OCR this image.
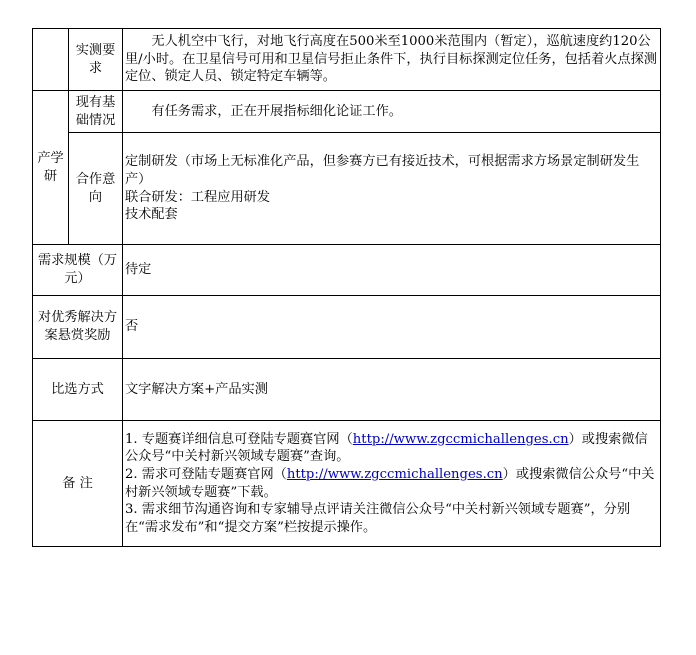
	实测要求	无人机空中飞行，对地飞行高度在500米至1000米范围内（暂定），巡航速度约120公里/小时。在卫星信号可用和卫星信号拒止条件下，执行目标探测定位任务，包括着火点探测定位、锁定人员、锁定特定车辆等。
产学研	现有基础情况	有任务需求，正在开展指标细化论证工作。
	合作意向	定制研发（市场上无标准化产品，但参赛方已有接近技术，可根据需求方场景定制研发生产）
联合研发：工程应用研发
技术配套

需求规模（万元）		待定
对优秀解决方案悬赏奖励		否
比选方式		文字解决方案+产品实测
备 注		1. 专题赛详细信息可登陆专题赛官网（http://www.zgccmichallenges.cn）或搜索微信公众号“中关村新兴领域专题赛”查询。
2. 需求可登陆专题赛官网（http://www.zgccmichallenges.cn）或搜索微信公众号“中关村新兴领域专题赛”下载。
3. 需求细节沟通咨询和专家辅导点评请关注微信公众号“中关村新兴领域专题赛”，分别在“需求发布”和“提交方案”栏按提示操作。
